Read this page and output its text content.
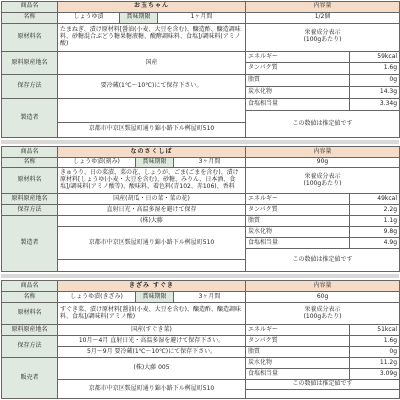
商品名	お玉ちゃん			内容量	
名称	しょうゆ漬	賞味期限	1ヶ月間	1/2個	
原材料名	たまねぎ、漬け原材料[醤油(小麦、大豆を含む)、醸造酢、醸造調味料、砂糖混合ぶどう糖果糖液糖、醗酵調味料、食塩]/調味料(アミノ酸)			栄養成分表示
(100gあたり)	

原料原産地名	国産			エネルギー	59kcal
				タンパク質	1.6g
保存方法	要冷蔵(1℃〜10℃)にて保存下さい。			脂質	0g
				炭水化物	14.3g
製造者				食塩相当量	3.34g
				この数値は推定値です	
	京都市中京区麩屋町通り錦小路下ル桝屋町510				
商品名	なのさくしば			内容量	
名称	しょうゆ漬(刻み)	賞味期限	3ヶ月間	90g	
原材料名	きゅうり、日の菜漬、菜の花、しょうが、ごま(ごまを含む)、漬け原材料[しょうゆ(小麦・大豆を含む)、砂糖、みりん、日本酒、食塩]/調味料(アミノ酸等)、酸味料、着色料(青102、赤106)、香料			栄養成分表示
(100gあたり)	

原料原産地名	国産(胡瓜・日の菜・菜の花)			エネルギー	49kcal
保存方法	直射日光・高温多湿を避けて保存			タンパク質	2.2g
製造者	(株)大藤			脂質	1.1g
	京都市中京区麩屋町通り錦小路下ル桝屋町510			炭水化物	9.8g
				食塩相当量	4.9g
				この数値は推定値です	

商品名	きざみ すぐき			内容量	
名称	しょうゆ漬(きざみ)	賞味期限	3ヶ月間	60g	
原材料名	すぐき菜、漬け原材料[醤油(小麦、大豆を含む)、醸造酢、醸造調味料、食塩]/調味料(アミノ酸)			栄養成分表示
(100gあたり)	

原料原産地名	国産(すぐき菜)			エネルギー	51kcal
保存方法	10月〜4月 直射日光・高温多湿を避けて保存下さい。			タンパク質	1.6g
	5月〜9月 要冷蔵(1℃〜10℃)にて保存下さい。			脂質	0g
販売者	(株)大藤 005			炭水化物	11.2g
				食塩相当量	3.09g
	京都市中京区麩屋町通り錦小路下ル桝屋町510			この数値は推定値です	
